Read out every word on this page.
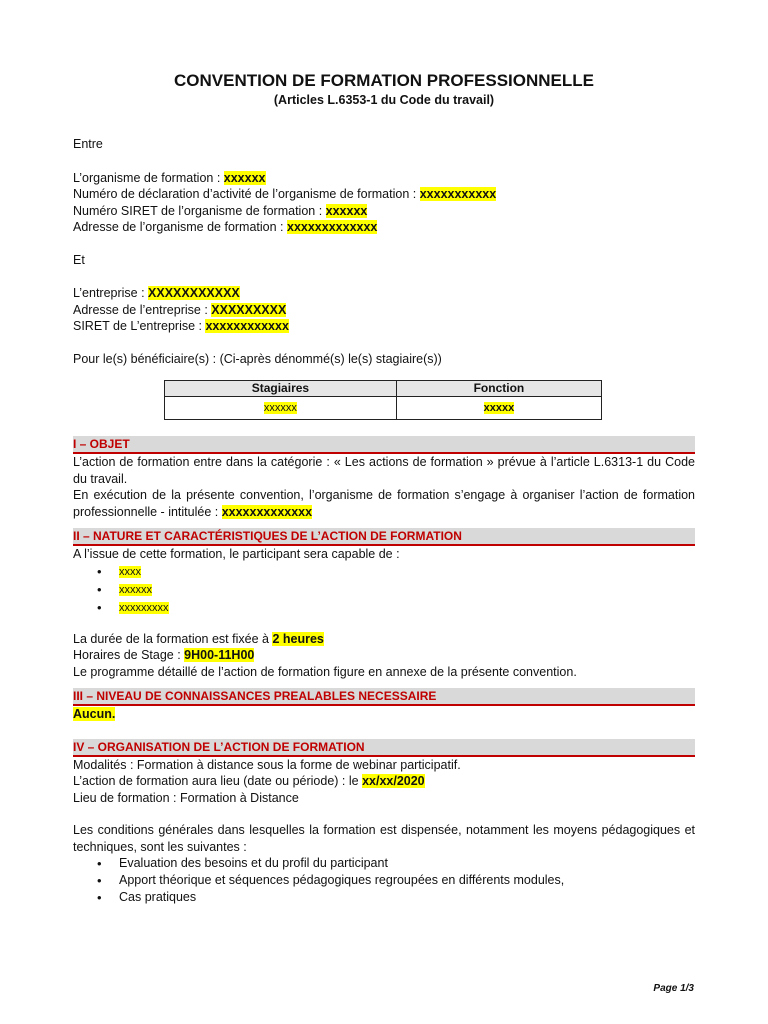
CONVENTION DE FORMATION PROFESSIONNELLE

(Articles L.6353-1 du Code du travail)

Entre

L’organisme de formation : xxxxxx

Numéro de déclaration d’activité de l’organisme de formation : xxxxxxxxxxx

Numéro SIRET de l’organisme de formation : xxxxxx

Adresse de l’organisme de formation : xxxxxxxxxxxxx

Et

L’entreprise : XXXXXXXXXXX

Adresse de l’entreprise : XXXXXXXXX

SIRET de L’entreprise : xxxxxxxxxxxx

Pour le(s) bénéficiaire(s) : (Ci-après dénommé(s) le(s) stagiaire(s))

Stagiaires	Fonction
xxxxxx	xxxxx
I – OBJET

L’action de formation entre dans la catégorie : « Les actions de formation » prévue à l’article L.6313-1 du Code du travail.

En exécution de la présente convention, l’organisme de formation s’engage à organiser l’action de formation professionnelle - intitulée : xxxxxxxxxxxxx

II – NATURE ET CARACTÉRISTIQUES DE L’ACTION DE FORMATION

A l’issue de cette formation, le participant sera capable de :

• xxxx
• xxxxxx
• xxxxxxxxx

La durée de la formation est fixée à 2 heures

Horaires de Stage : 9H00-11H00

Le programme détaillé de l’action de formation figure en annexe de la présente convention.

III – NIVEAU DE CONNAISSANCES PREALABLES NECESSAIRE

Aucun.

IV – ORGANISATION DE L’ACTION DE FORMATION

Modalités : Formation à distance sous la forme de webinar participatif.

L’action de formation aura lieu (date ou période) : le xx/xx/2020

Lieu de formation : Formation à Distance

Les conditions générales dans lesquelles la formation est dispensée, notamment les moyens pédagogiques et techniques, sont les suivantes :

• Evaluation des besoins et du profil du participant
• Apport théorique et séquences pédagogiques regroupées en différents modules,
• Cas pratiques
Page 1/3
